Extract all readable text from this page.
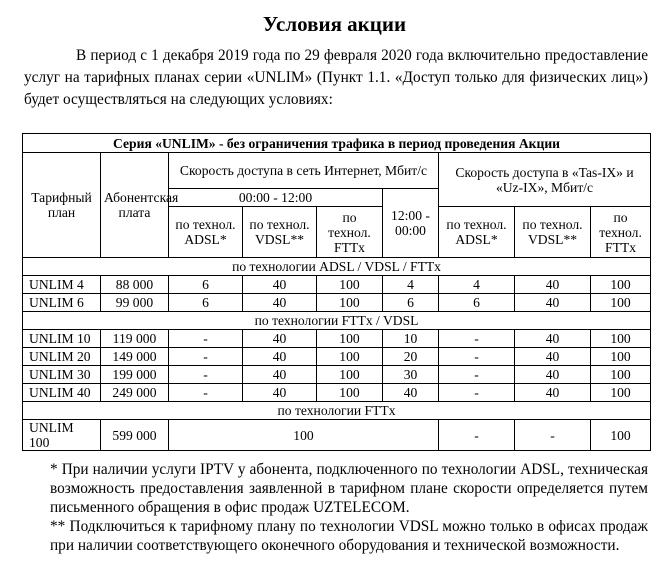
Условия акции

В период с 1 декабря 2019 года по 29 февраля 2020 года включительно предоставление услуг на тарифных планах серии «UNLIM» (Пункт 1.1. «Доступ только для физических лиц») будет осуществляться на следующих условиях:

Серия «UNLIM» - без ограничения трафика в период проведения Акции								
Тарифный план	Абонентская плата	Скорость доступа в сеть Интернет, Мбит/с				Скорость доступа в «Tas-IX» и «Uz-IX», Мбит/с		
		00:00 - 12:00			12:00 - 00:00			
		по технол. ADSL*	по технол. VDSL**	по технол. FTTx		по технол. ADSL*	по технол. VDSL**	по технол. FTTx
по технологии ADSL / VDSL / FTTx								
UNLIM 4	88 000	6	40	100	4	4	40	100
UNLIM 6	99 000	6	40	100	6	6	40	100
по технологии FTTx / VDSL								
UNLIM 10	119 000	-	40	100	10	-	40	100
UNLIM 20	149 000	-	40	100	20	-	40	100
UNLIM 30	199 000	-	40	100	30	-	40	100
UNLIM 40	249 000	-	40	100	40	-	40	100
по технологии FTTx								
UNLIM 100	599 000	100				-	-	100

* При наличии услуги IPTV у абонента, подключенного по технологии ADSL, техническая возможность предоставления заявленной в тарифном плане скорости определяется путем письменного обращения в офис продаж UZTELECOM.

** Подключиться к тарифному плану по технологии VDSL можно только в офисах продаж при наличии соответствующего оконечного оборудования и технической возможности.
